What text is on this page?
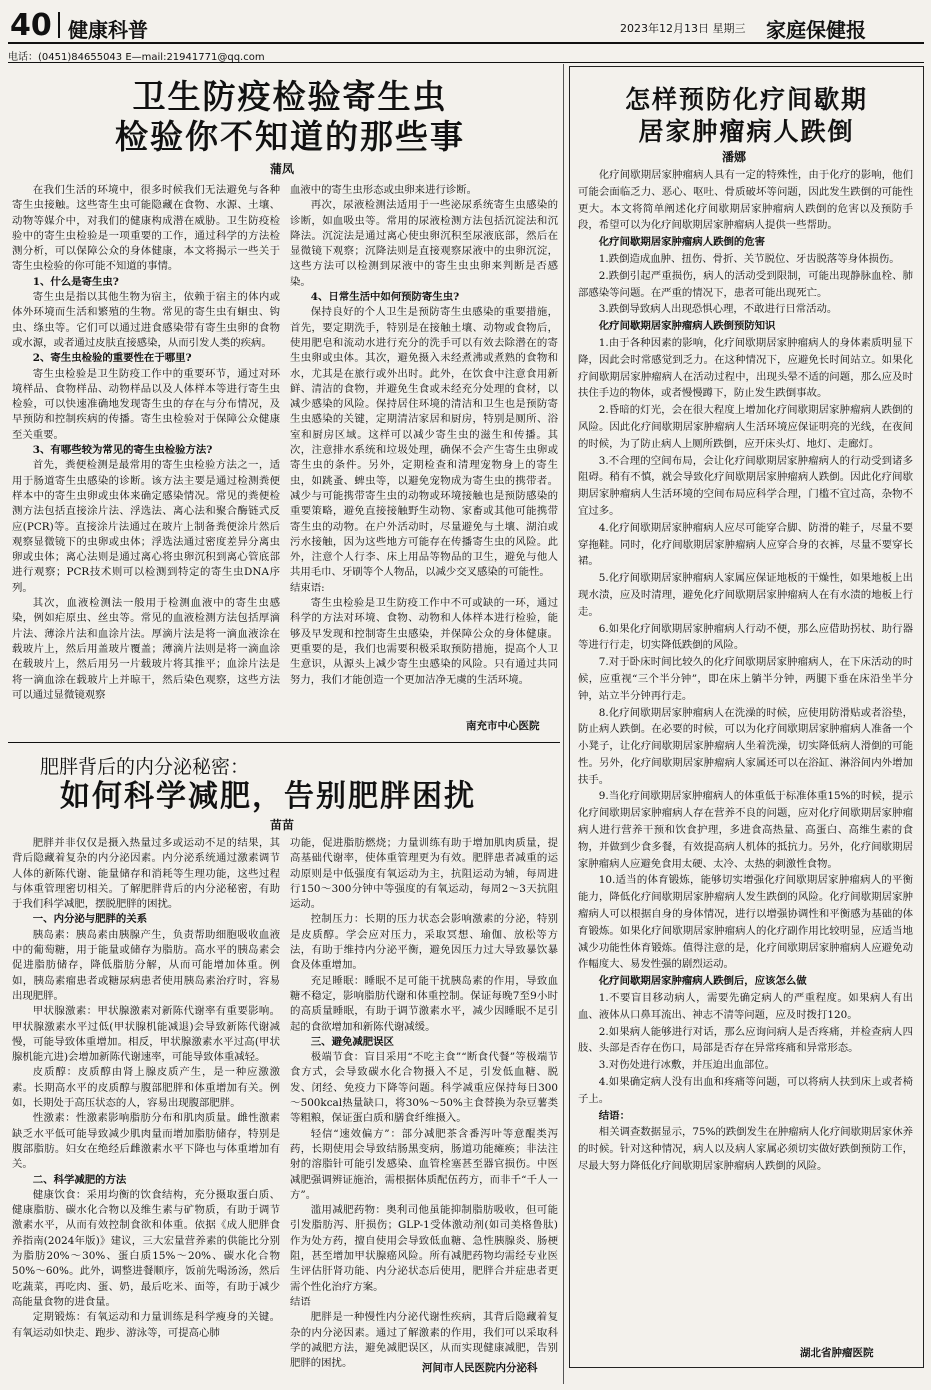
40 健康科普	2023年12月13日 星期三 家庭保健报
电话：(0451)84655043 E—mail:21941771@qq.com
卫生防疫检验寄生虫
检验你不知道的那些事
蒲凤

在我们生活的环境中，很多时候我们无法避免与各种寄生虫接触。这些寄生虫可能隐藏在食物、水源、土壤、动物等媒介中，对我们的健康构成潜在威胁。卫生防疫检验中的寄生虫检验是一项重要的工作，通过科学的方法检测分析，可以保障公众的身体健康，本文将揭示一些关于寄生虫检验的你可能不知道的事情。

1、什么是寄生虫?

寄生虫是指以其他生物为宿主，依赖于宿主的体内或体外环境而生活和繁殖的生物。常见的寄生虫有蛔虫、钩虫、绦虫等。它们可以通过进食感染带有寄生虫卵的食物或水源，或者通过皮肤直接感染，从而引发人类的疾病。

2、寄生虫检验的重要性在于哪里?

寄生虫检验是卫生防疫工作中的重要环节，通过对环境样品、食物样品、动物样品以及人体样本等进行寄生虫检验，可以快速准确地发现寄生虫的存在与分布情况，及早预防和控制疾病的传播。寄生虫检验对于保障公众健康至关重要。

3、有哪些较为常见的寄生虫检验方法?

首先，粪便检测是最常用的寄生虫检验方法之一，适用于肠道寄生虫感染的诊断。该方法主要是通过检测粪便样本中的寄生虫卵或虫体来确定感染情况。常见的粪便检测方法包括直接涂片法、浮选法、离心法和聚合酶链式反应(PCR)等。直接涂片法通过在玻片上制备粪便涂片然后观察显微镜下的虫卵或虫体；浮选法通过密度差异分离虫卵或虫体；离心法则是通过离心将虫卵沉积到离心管底部进行观察；PCR技术则可以检测到特定的寄生虫DNA序列。

其次，血液检测法一般用于检测血液中的寄生虫感染，例如疟原虫、丝虫等。常见的血液检测方法包括厚滴片法、薄涂片法和血涂片法。厚滴片法是将一滴血液涂在载玻片上，然后用盖玻片覆盖；薄滴片法则是将一滴血涂在载玻片上，然后用另一片载玻片将其推平；血涂片法是将一滴血涂在载玻片上并晾干，然后染色观察，这些方法可以通过显微镜观察

血液中的寄生虫形态或虫卵来进行诊断。

再次，尿液检测法适用于一些泌尿系统寄生虫感染的诊断，如血吸虫等。常用的尿液检测方法包括沉淀法和沉降法。沉淀法是通过离心使虫卵沉积至尿液底部，然后在显微镜下观察；沉降法则是直接观察尿液中的虫卵沉淀，这些方法可以检测到尿液中的寄生虫虫卵来判断是否感染。

4、日常生活中如何预防寄生虫?

保持良好的个人卫生是预防寄生虫感染的重要措施，首先，要定期洗手，特别是在接触土壤、动物或食物后，使用肥皂和流动水进行充分的洗手可以有效去除潜在的寄生虫卵或虫体。其次，避免摄入未经煮沸或煮熟的食物和水，尤其是在旅行或外出时。此外，在饮食中注意食用新鲜、清洁的食物，并避免生食或未经充分处理的食材，以减少感染的风险。保持居住环境的清洁和卫生也是预防寄生虫感染的关键，定期清洁家居和厨房，特别是厕所、浴室和厨房区域。这样可以减少寄生虫的滋生和传播。其次，注意排水系统和垃圾处理，确保不会产生寄生虫卵或寄生虫的条件。另外，定期检查和清理宠物身上的寄生虫，如跳蚤、蜱虫等，以避免宠物成为寄生虫的携带者。减少与可能携带寄生虫的动物或环境接触也是预防感染的重要策略，避免直接接触野生动物、家畜或其他可能携带寄生虫的动物。在户外活动时，尽量避免与土壤、湖泊或污水接触，因为这些地方可能存在传播寄生虫的风险。此外，注意个人行李、床上用品等物品的卫生，避免与他人共用毛巾、牙刷等个人物品，以减少交叉感染的可能性。

结束语:

寄生虫检验是卫生防疫工作中不可或缺的一环，通过科学的方法对环境、食物、动物和人体样本进行检验，能够及早发现和控制寄生虫感染，并保障公众的身体健康。更重要的是，我们也需要积极采取预防措施，提高个人卫生意识，从源头上减少寄生虫感染的风险。只有通过共同努力，我们才能创造一个更加洁净无虞的生活环境。

南充市中心医院
肥胖背后的内分泌秘密：
如何科学减肥，告别肥胖困扰
苗苗

肥胖并非仅仅是摄入热量过多或运动不足的结果，其背后隐藏着复杂的内分泌因素。内分泌系统通过激素调节人体的新陈代谢、能量储存和消耗等生理功能，这些过程与体重管理密切相关。了解肥胖背后的内分泌秘密，有助于我们科学减肥，摆脱肥胖的困扰。

一、内分泌与肥胖的关系

胰岛素：胰岛素由胰腺产生，负责帮助细胞吸收血液中的葡萄糖，用于能量或储存为脂肪。高水平的胰岛素会促进脂肪储存，降低脂肪分解，从而可能增加体重。例如，胰岛素瘤患者或糖尿病患者使用胰岛素治疗时，容易出现肥胖。

甲状腺激素：甲状腺激素对新陈代谢率有重要影响。甲状腺激素水平过低(甲状腺机能减退)会导致新陈代谢减慢，可能导致体重增加。相反，甲状腺激素水平过高(甲状腺机能亢进)会增加新陈代谢速率，可能导致体重减轻。

皮质醇：皮质醇由肾上腺皮质产生，是一种应激激素。长期高水平的皮质醇与腹部肥胖和体重增加有关。例如，长期处于高压状态的人，容易出现腹部肥胖。

性激素：性激素影响脂肪分布和肌肉质量。雌性激素缺乏水平低可能导致减少肌肉量而增加脂肪储存，特别是腹部脂肪。妇女在绝经后雌激素水平下降也与体重增加有关。

二、科学减肥的方法

健康饮食：采用均衡的饮食结构，充分摄取蛋白质、健康脂肪、碳水化合物以及维生素与矿物质，有助于调节激素水平，从而有效控制食欲和体重。依据《成人肥胖食养指南(2024年版)》建议，三大宏量营养素的供能比分别为脂肪20%～30%、蛋白质15%～20%、碳水化合物50%～60%。此外，调整进餐顺序，饭前先喝汤汤，然后吃蔬菜，再吃肉、蛋、奶，最后吃米、面等，有助于减少高能量食物的进食量。

定期锻炼：有氧运动和力量训练是科学瘦身的关键。有氧运动如快走、跑步、游泳等，可提高心肺

功能，促进脂肪燃烧；力量训练有助于增加肌肉质量，提高基础代谢率，使体重管理更为有效。肥胖患者减重的运动原则是中低强度有氧运动为主，抗阻运动为辅，每周进行150～300分钟中等强度的有氧运动，每周2～3天抗阻运动。

控制压力：长期的压力状态会影响激素的分泌，特别是皮质醇。学会应对压力，采取冥想、瑜伽、放松等方法，有助于维持内分泌平衡，避免因压力过大导致暴饮暴食及体重增加。

充足睡眠：睡眠不足可能干扰胰岛素的作用，导致血糖不稳定，影响脂肪代谢和体重控制。保证每晚7至9小时的高质量睡眠，有助于调节激素水平，减少因睡眠不足引起的食欲增加和新陈代谢减缓。

三、避免减肥误区

极端节食：盲目采用“不吃主食”“断食代餐”等极端节食方式，会导致碳水化合物摄入不足，引发低血糖、脱发、闭经、免疫力下降等问题。科学减重应保持每日300～500kcal热量缺口，将30%～50%主食替换为杂豆薯类等粗粮，保证蛋白质和膳食纤维摄入。

轻信“速效偏方”：部分减肥茶含番泻叶等意醌类泻药，长期使用会导致结肠黑变病，肠道功能瘫痪；非法注射的溶脂针可能引发感染、血管栓塞甚至器官损伤。中医减肥强调辨证施治，需根据体质配伍药方，而非千“千人一方”。

滥用减肥药物：奥利司他虽能抑制脂肪吸收，但可能引发脂肪泻、肝损伤；GLP-1受体激动剂(如司美格鲁肽)作为处方药，擅自使用会导致低血糖、急性胰腺炎、肠梗阻，甚至增加甲状腺癌风险。所有减肥药物均需经专业医生评估肝肾功能、内分泌状态后使用，肥胖合并症患者更需个性化治疗方案。

结语

肥胖是一种慢性内分泌代谢性疾病，其背后隐藏着复杂的内分泌因素。通过了解激素的作用，我们可以采取科学的减肥方法，避免减肥误区，从而实现健康减肥，告别肥胖的困扰。	河间市人民医院内分泌科
怎样预防化疗间歇期
居家肿瘤病人跌倒
潘娜

化疗间歇期居家肿瘤病人具有一定的特殊性，由于化疗的影响，他们可能会面临乏力、恶心、呕吐、骨质破坏等问题，因此发生跌倒的可能性更大。本文将简单阐述化疗间歇期居家肿瘤病人跌倒的危害以及预防手段，希望可以为化疗间歇期居家肿瘤病人提供一些帮助。

化疗间歇期居家肿瘤病人跌倒的危害

1.跌倒造成血肿、扭伤、骨折、关节脱位、牙齿脱落等身体损伤。

2.跌倒引起严重损伤，病人的活动受到限制，可能出现静脉血栓、肺部感染等问题。在严重的情况下，患者可能出现死亡。

3.跌倒导致病人出现恐惧心理，不敢进行日常活动。

化疗间歇期居家肿瘤病人跌倒预防知识

1.由于各种因素的影响，化疗间歇期居家肿瘤病人的身体素质明显下降，因此会时常感觉到乏力。在这种情况下，应避免长时间站立。如果化疗间歇期居家肿瘤病人在活动过程中，出现头晕不适的问题，那么应及时扶住手边的物体，或者慢慢蹲下，防止发生跌倒事故。

2.昏暗的灯光，会在很大程度上增加化疗间歇期居家肿瘤病人跌倒的风险。因此化疗间歇期居家肿瘤病人生活环境应保证明亮的光线，在夜间的时候，为了防止病人上厕所跌倒，应开床头灯、地灯、走廊灯。

3.不合理的空间布局，会让化疗间歇期居家肿瘤病人的行动受到诸多阻碍。稍有不慎，就会导致化疗间歇期居家肿瘤病人跌倒。因此化疗间歇期居家肿瘤病人生活环境的空间布局应科学合理，门槛不宜过高，杂物不宜过多。

4.化疗间歇期居家肿瘤病人应尽可能穿合脚、防滑的鞋子，尽量不要穿拖鞋。同时，化疗间歇期居家肿瘤病人应穿合身的衣裤，尽量不要穿长裙。

5.化疗间歇期居家肿瘤病人家属应保证地板的干燥性，如果地板上出现水渍，应及时清理，避免化疗间歇期居家肿瘤病人在有水渍的地板上行走。

6.如果化疗间歇期居家肿瘤病人行动不便，那么应借助拐杖、助行器等进行行走，切实降低跌倒的风险。

7.对于卧床时间比较久的化疗间歇期居家肿瘤病人，在下床活动的时候，应重视“三个半分钟”，即在床上躺半分钟，两腿下垂在床沿坐半分钟，站立半分钟再行走。

8.化疗间歇期居家肿瘤病人在洗澡的时候，应使用防滑贴或者浴垫，防止病人跌倒。在必要的时候，可以为化疗间歇期居家肿瘤病人准备一个小凳子，让化疗间歇期居家肿瘤病人坐着洗澡，切实降低病人滑倒的可能性。另外，化疗间歇期居家肿瘤病人家属还可以在浴缸、淋浴间内外增加扶手。

9.当化疗间歇期居家肿瘤病人的体重低于标准体重15%的时候，提示化疗间歇期居家肿瘤病人存在营养不良的问题，应对化疗间歇期居家肿瘤病人进行营养干预和饮食护理，多进食高热量、高蛋白、高维生素的食物，并做到少食多餐，有效提高病人机体的抵抗力。另外，化疗间歇期居家肿瘤病人应避免食用太硬、太冷、太热的刺激性食物。

10.适当的体育锻炼，能够切实增强化疗间歇期居家肿瘤病人的平衡能力，降低化疗间歇期居家肿瘤病人发生跌倒的风险。化疗间歇期居家肿瘤病人可以根据自身的身体情况，进行以增强协调性和平衡感为基础的体育锻炼。如果化疗间歇期居家肿瘤病人的化疗副作用比较明显，应适当地减少功能性体育锻炼。值得注意的是，化疗间歇期居家肿瘤病人应避免动作幅度大、易发性强的剧烈运动。

化疗间歇期居家肿瘤病人跌倒后，应该怎么做

1.不要盲目移动病人，需要先确定病人的严重程度。如果病人有出血、液体从口鼻耳流出、神志不清等问题，应及时拨打120。

2.如果病人能够进行对话，那么应询问病人是否疼痛，并检查病人四肢、头部是否存在伤口，局部是否存在异常疼痛和异常形态。

3.对伤处进行冰敷，并压迫出血部位。

4.如果确定病人没有出血和疼痛等问题，可以将病人扶到床上或者椅子上。

结语：

相关调查数据显示，75%的跌倒发生在肿瘤病人化疗间歇期居家休养的时候。针对这种情况，病人以及病人家属必须切实做好跌倒预防工作，尽最大努力降低化疗间歇期居家肿瘤病人跌倒的风险。

湖北省肿瘤医院
